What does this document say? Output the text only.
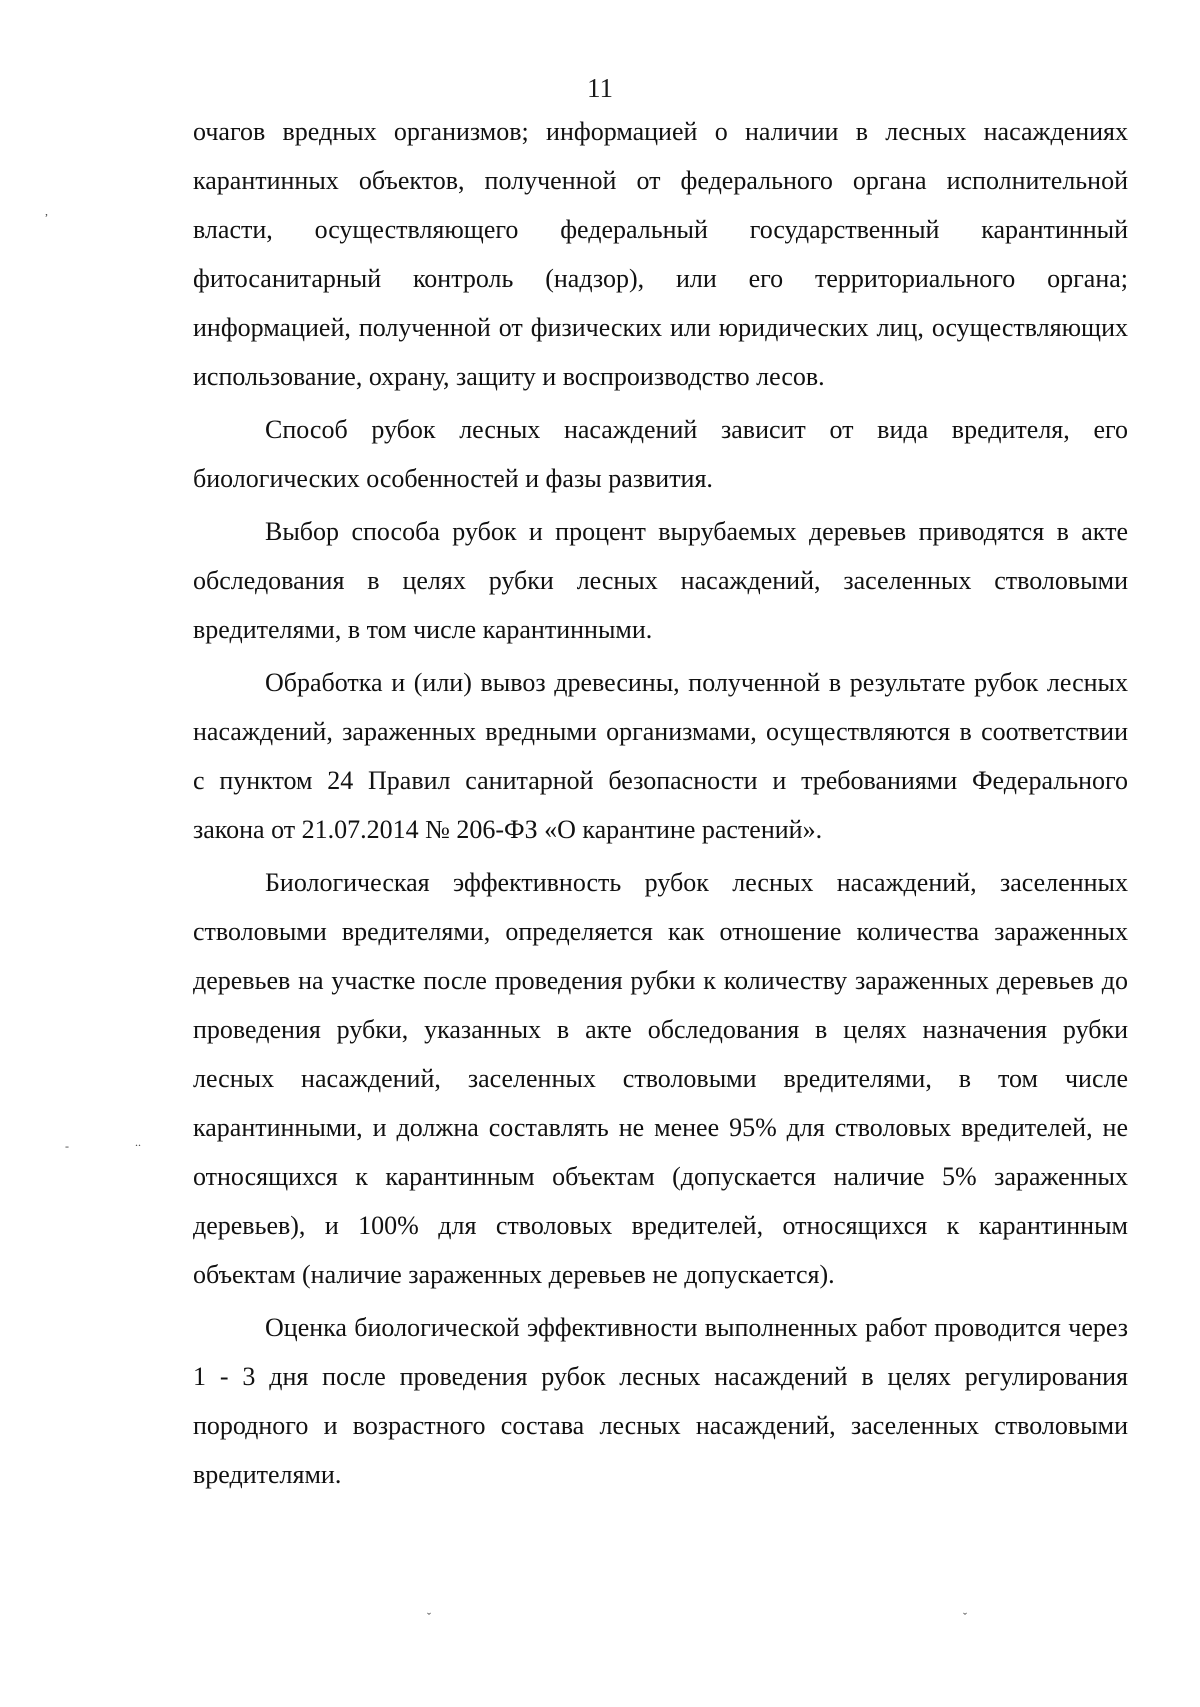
11

очагов вредных организмов; информацией о наличии в лесных насаждениях карантинных объектов, полученной от федерального органа исполнительной власти, осуществляющего федеральный государственный карантинный фитосанитарный контроль (надзор), или его территориального органа; информацией, полученной от физических или юридических лиц, осуществляющих использование, охрану, защиту и воспроизводство лесов.

Способ рубок лесных насаждений зависит от вида вредителя, его биологических особенностей и фазы развития.

Выбор способа рубок и процент вырубаемых деревьев приводятся в акте обследования в целях рубки лесных насаждений, заселенных стволовыми вредителями, в том числе карантинными.

Обработка и (или) вывоз древесины, полученной в результате рубок лесных насаждений, зараженных вредными организмами, осуществляются в соответствии с пунктом 24 Правил санитарной безопасности и требованиями Федерального закона от 21.07.2014 № 206-ФЗ «О карантине растений».

Биологическая эффективность рубок лесных насаждений, заселенных стволовыми вредителями, определяется как отношение количества зараженных деревьев на участке после проведения рубки к количеству зараженных деревьев до проведения рубки, указанных в акте обследования в целях назначения рубки лесных насаждений, заселенных стволовыми вредителями, в том числе карантинными, и должна составлять не менее 95% для стволовых вредителей, не относящихся к карантинным объектам (допускается наличие 5% зараженных деревьев), и 100% для стволовых вредителей, относящихся к карантинным объектам (наличие зараженных деревьев не допускается).

Оценка биологической эффективности выполненных работ проводится через 1 - 3 дня после проведения рубок лесных насаждений в целях регулирования породного и возрастного состава лесных насаждений, заселенных стволовыми вредителями.

,
-	..
ˇ	ˇ
